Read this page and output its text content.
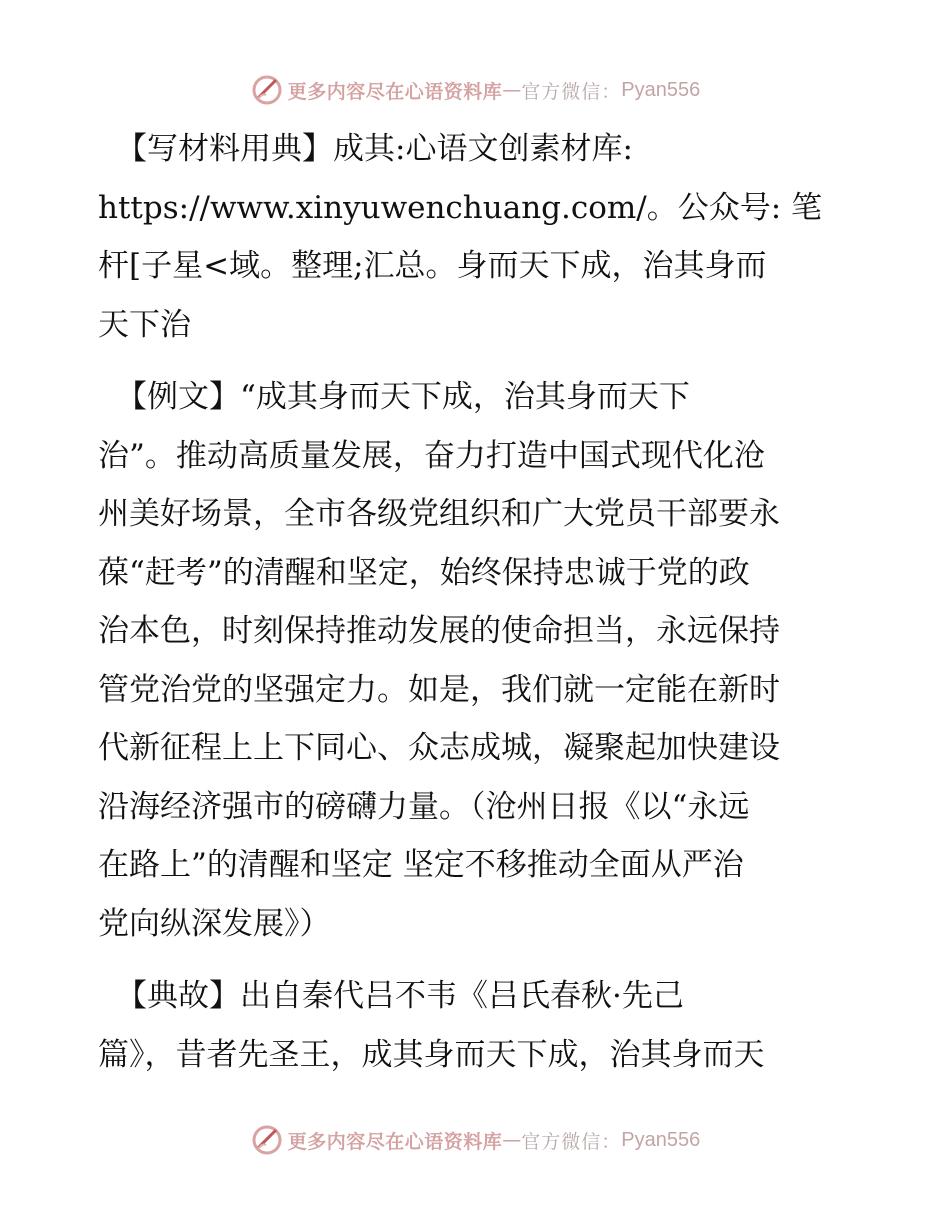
更多内容尽在心语资料库 — 官方微信： Pyan556
【写材料用典】成其:心语文创素材库:
https://www.xinyuwenchuang.com/。公众号: 笔
杆[子星<域。整理;汇总。身而天下成，治其身而
天下治
【例文】“成其身而天下成，治其身而天下
治”。推动高质量发展，奋力打造中国式现代化沧
州美好场景，全市各级党组织和广大党员干部要永
葆“赶考”的清醒和坚定，始终保持忠诚于党的政
治本色，时刻保持推动发展的使命担当，永远保持
管党治党的坚强定力。如是，我们就一定能在新时
代新征程上上下同心、众志成城，凝聚起加快建设
沿海经济强市的磅礴力量。（沧州日报《以“永远
在路上”的清醒和坚定 坚定不移推动全面从严治
党向纵深发展》）
【典故】出自秦代吕不韦《吕氏春秋·先己
篇》，昔者先圣王，成其身而天下成，治其身而天
更多内容尽在心语资料库 — 官方微信： Pyan556
